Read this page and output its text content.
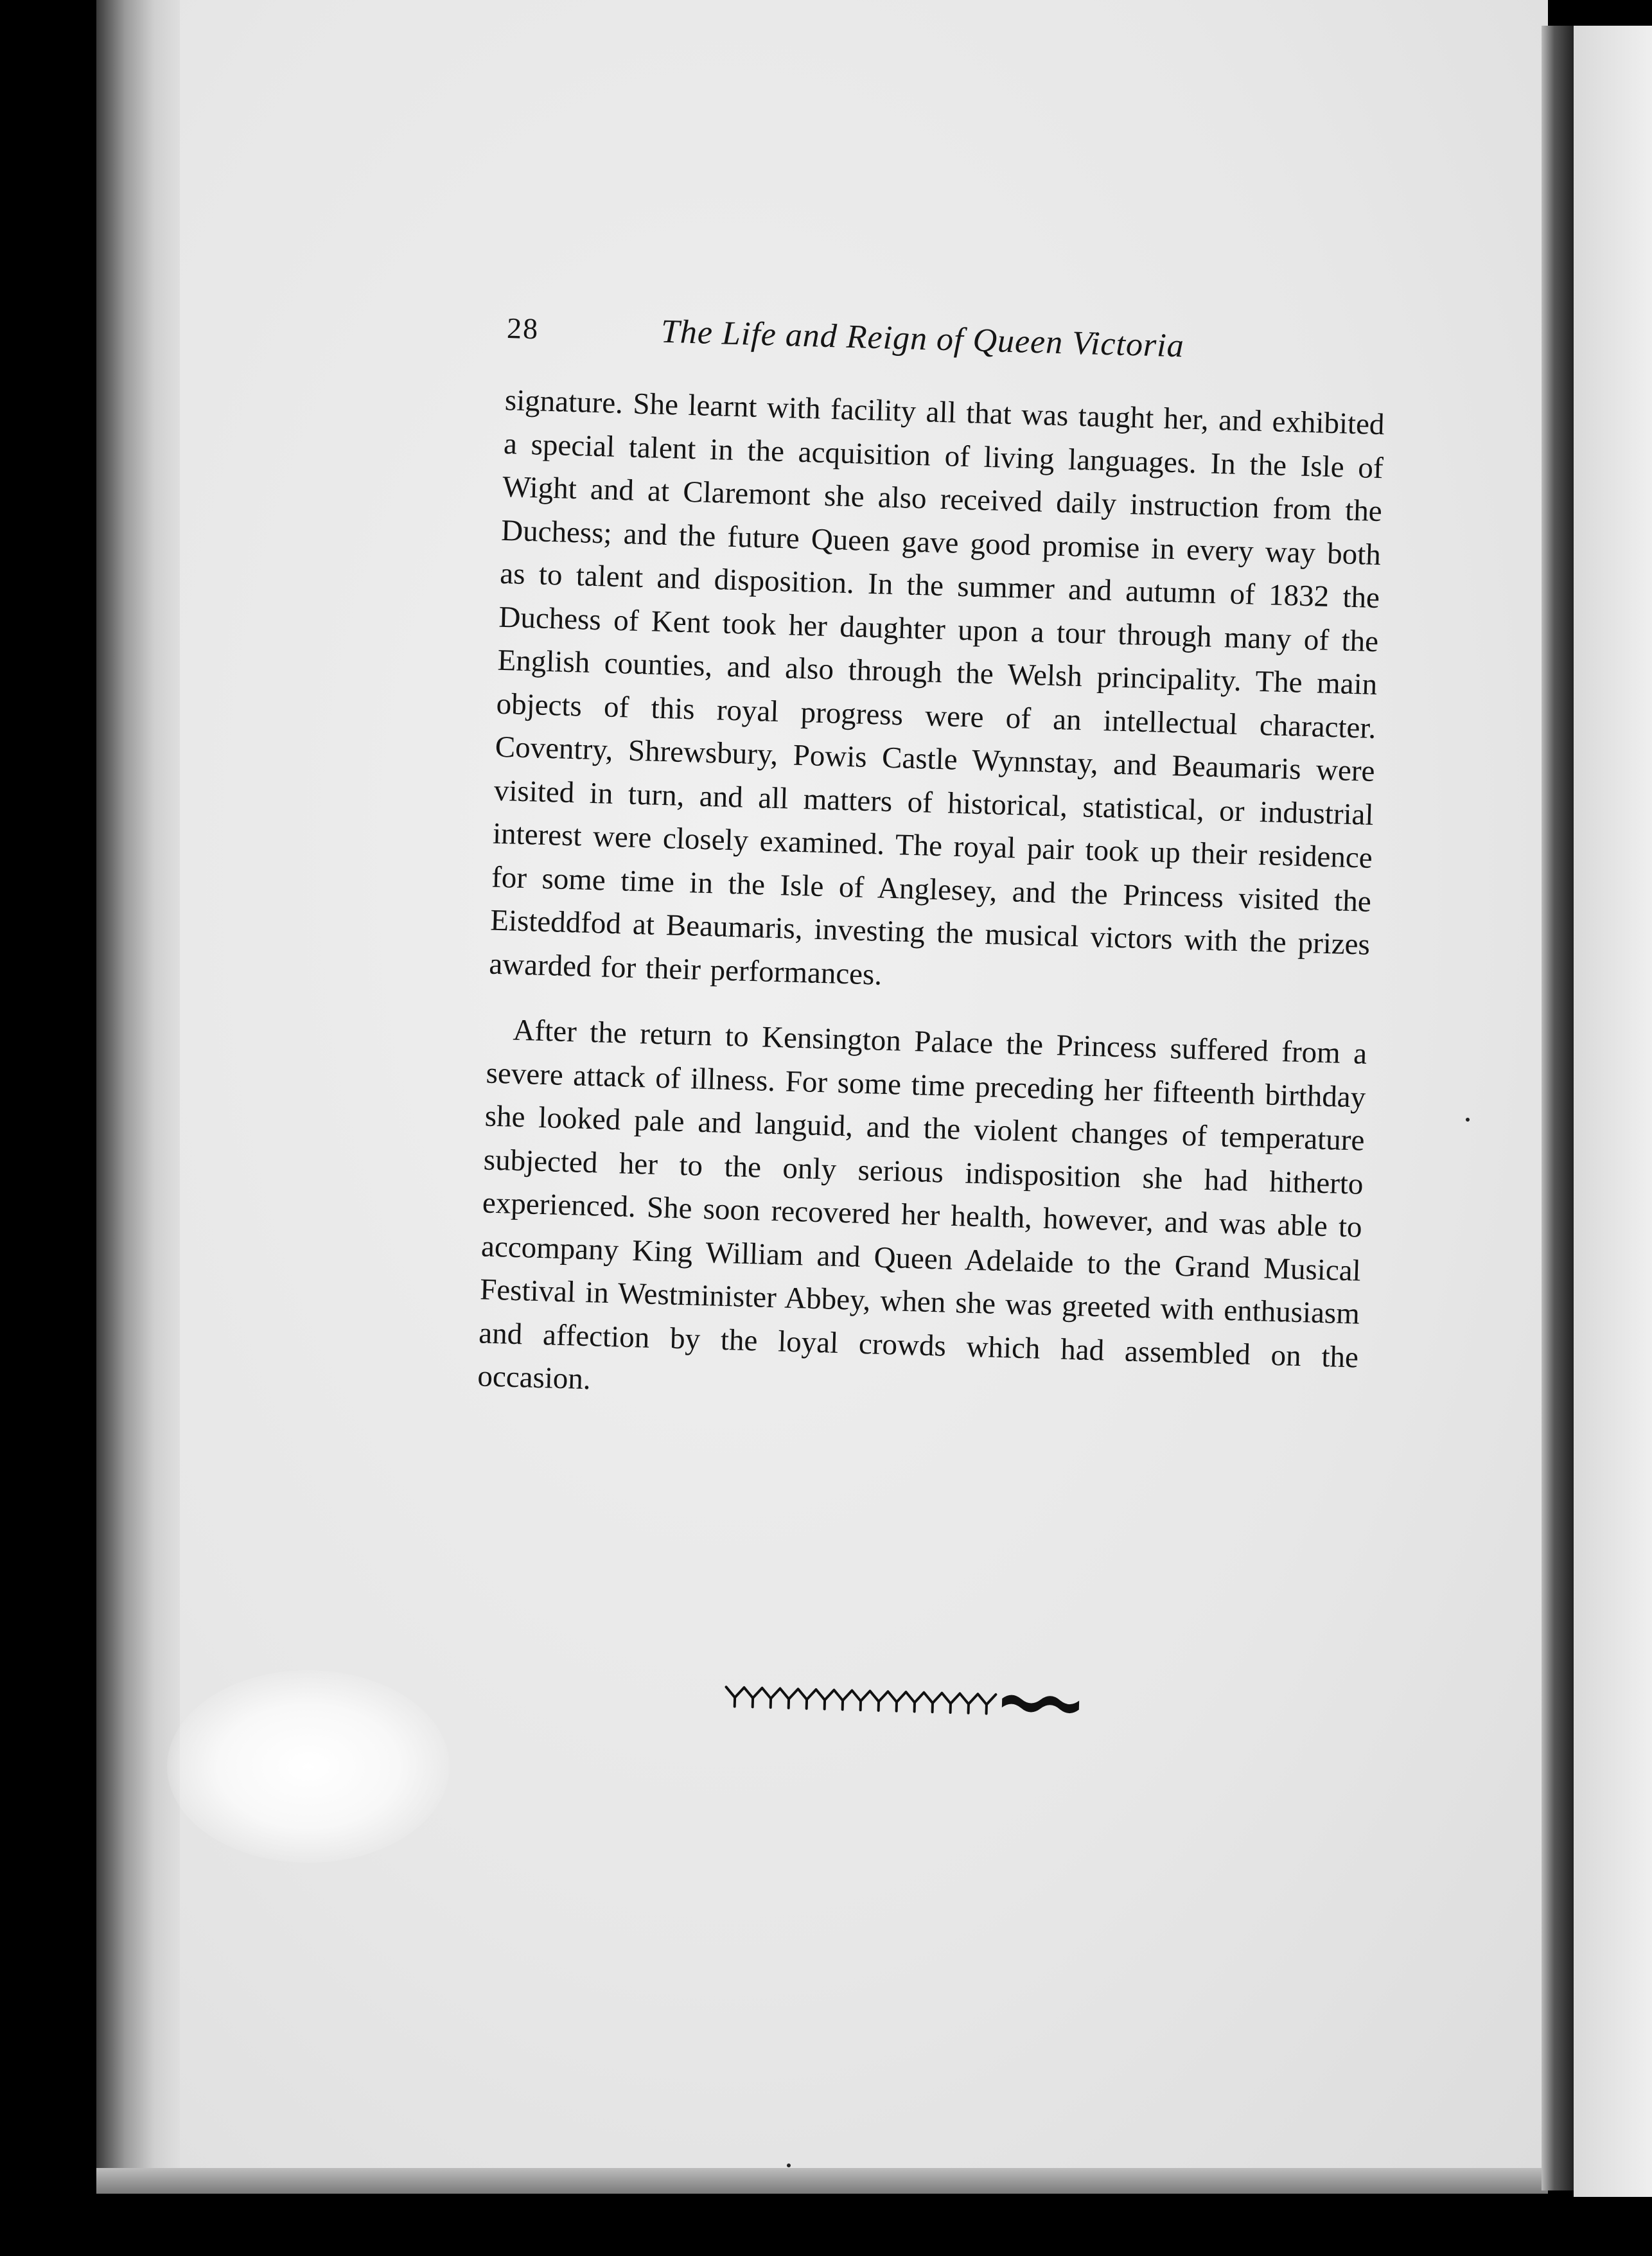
28	The Life and Reign of Queen Victoria

signature. She learnt with facility all that was taught her, and exhibited a special talent in the acquisition of living languages. In the Isle of Wight and at Claremont she also received daily instruction from the Duchess; and the future Queen gave good promise in every way both as to talent and disposition. In the summer and autumn of 1832 the Duchess of Kent took her daughter upon a tour through many of the English counties, and also through the Welsh principality. The main objects of this royal progress were of an intellectual character. Coventry, Shrewsbury, Powis Castle Wynnstay, and Beaumaris were visited in turn, and all matters of historical, statistical, or industrial interest were closely examined. The royal pair took up their residence for some time in the Isle of Anglesey, and the Princess visited the Eisteddfod at Beaumaris, investing the musical victors with the prizes awarded for their performances.

After the return to Kensington Palace the Princess suffered from a severe attack of illness. For some time preceding her fifteenth birthday she looked pale and languid, and the violent changes of temperature subjected her to the only serious indisposition she had hitherto experienced. She soon recovered her health, however, and was able to accompany King William and Queen Adelaide to the Grand Musical Festival in Westminister Abbey, when she was greeted with enthusiasm and affection by the loyal crowds which had assembled on the occasion.
